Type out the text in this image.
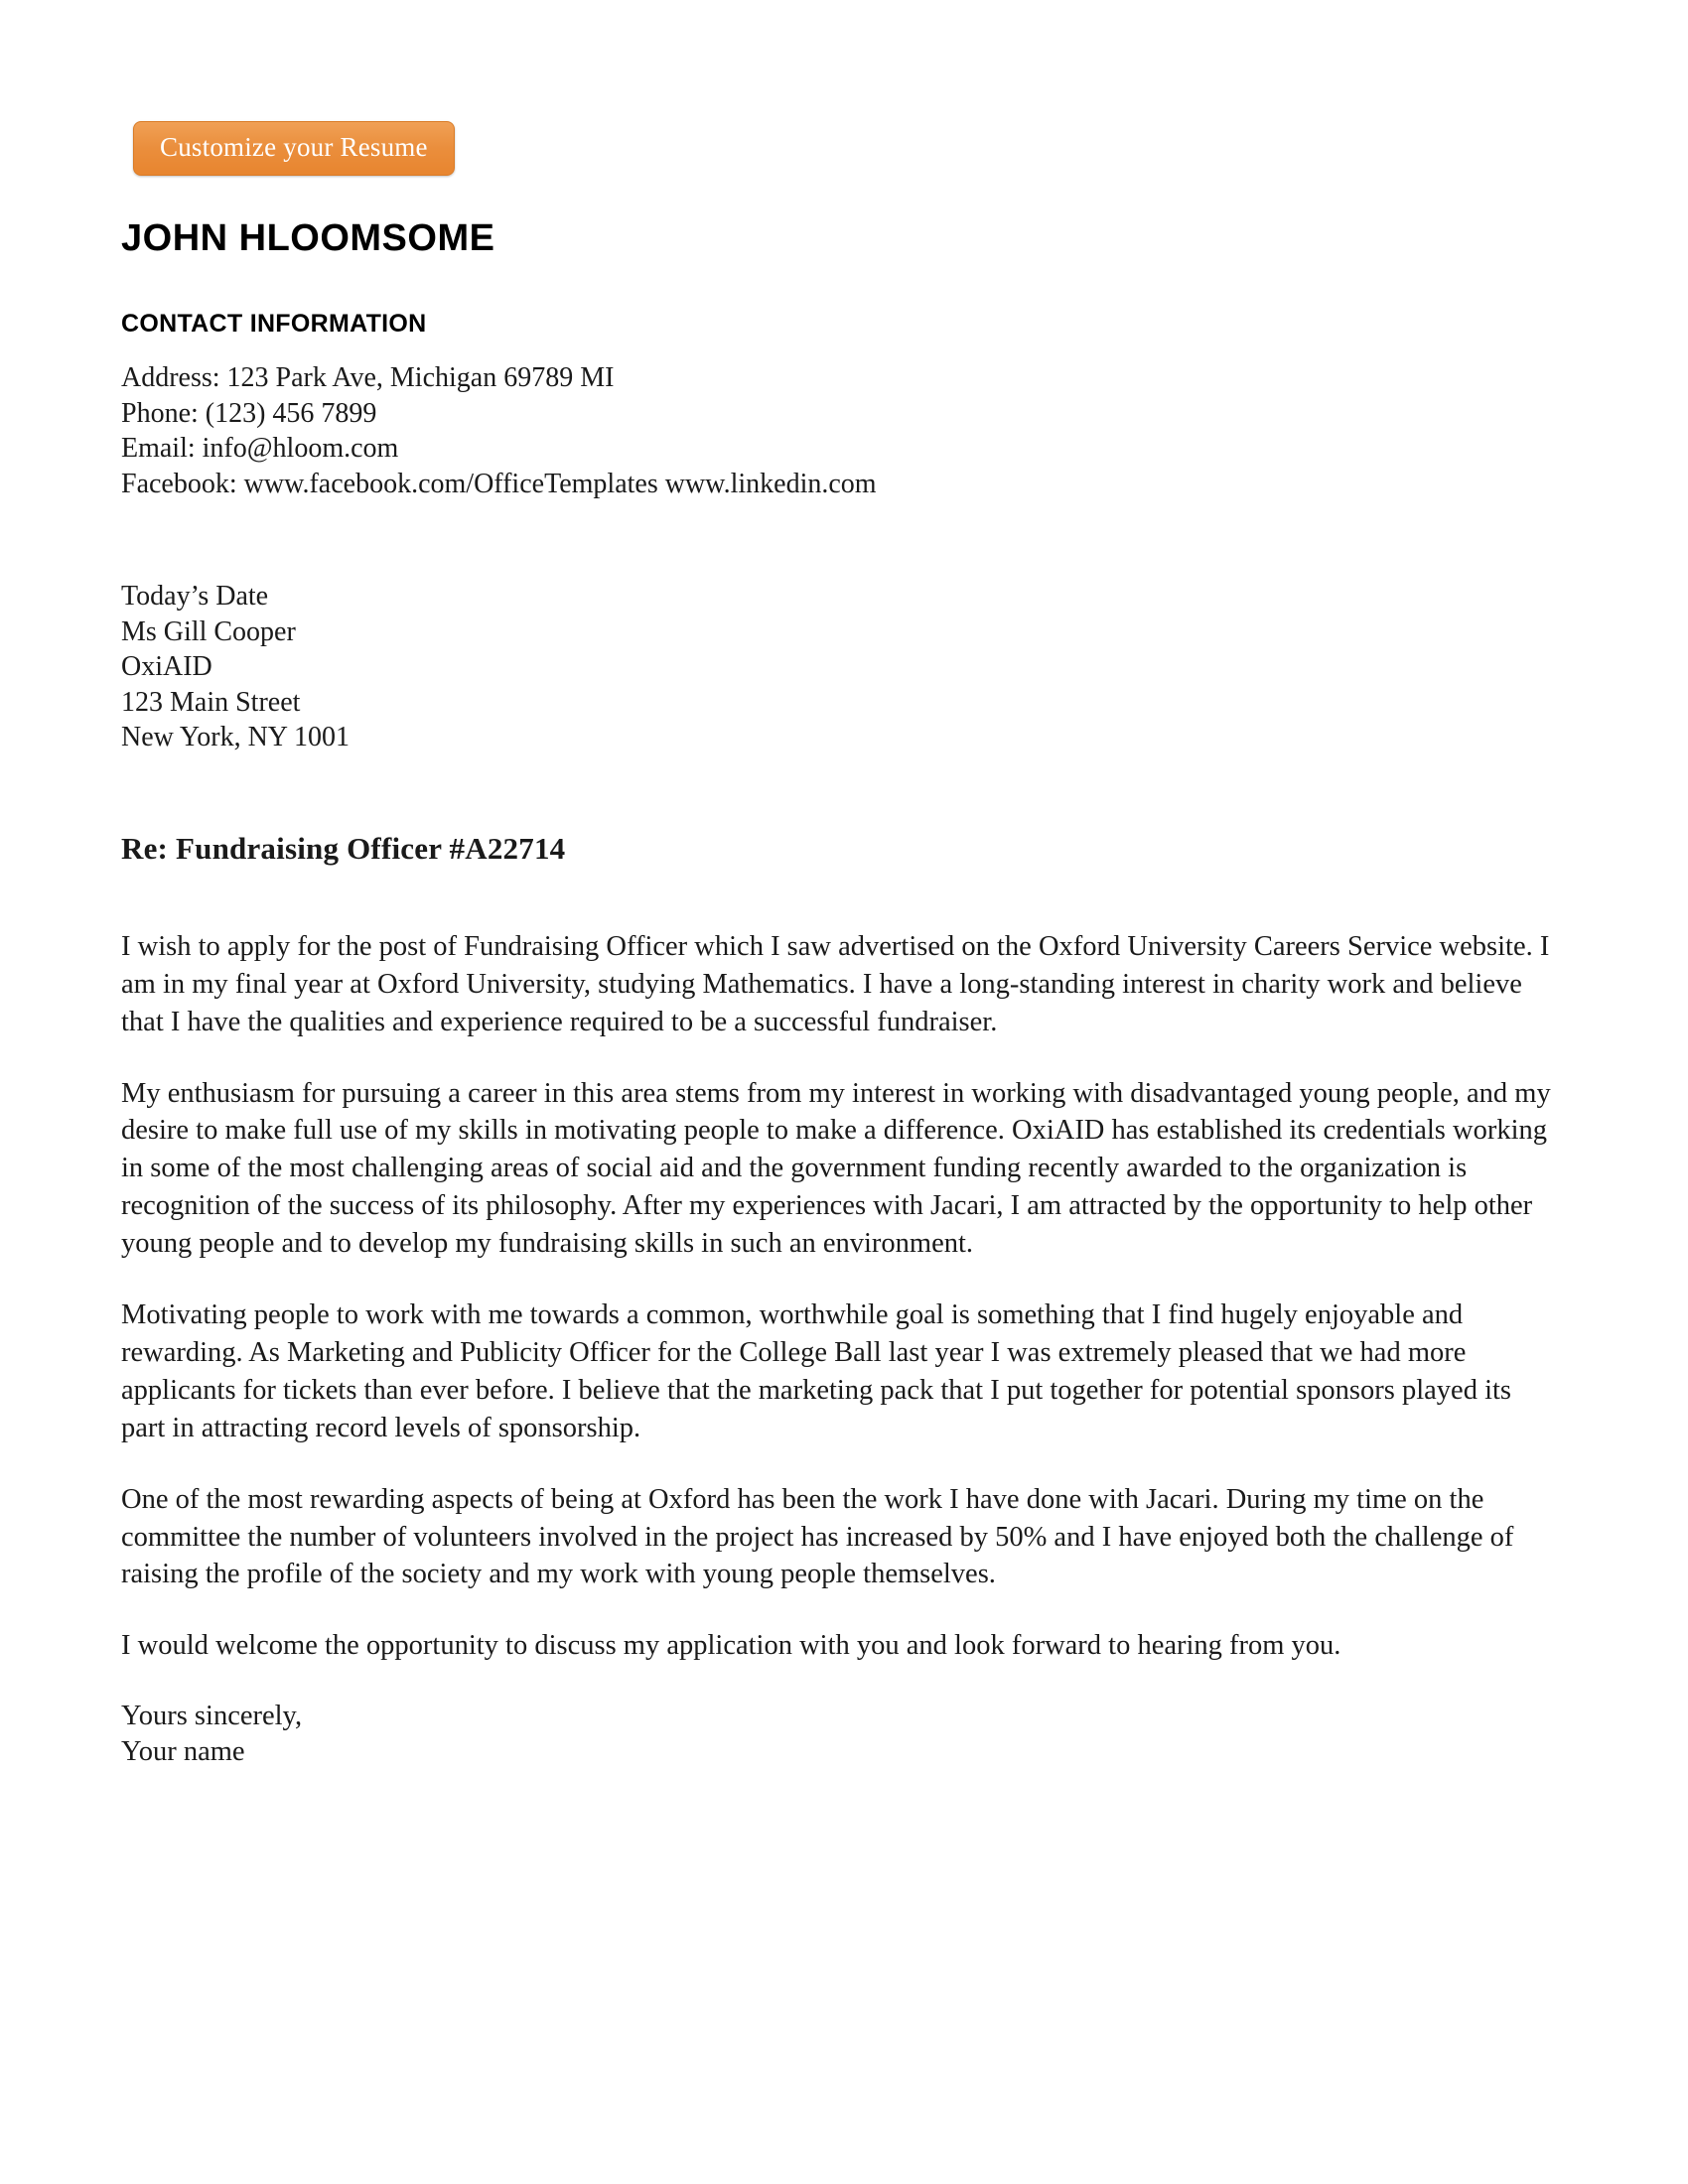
Customize your Resume
JOHN HLOOMSOME
CONTACT INFORMATION
Address: 123 Park Ave, Michigan 69789 MI
Phone: (123) 456 7899
Email: info@hloom.com
Facebook: www.facebook.com/OfficeTemplates www.linkedin.com
Today’s Date
Ms Gill Cooper
OxiAID
123 Main Street
New York, NY 1001
Re: Fundraising Officer #A22714

I wish to apply for the post of Fundraising Officer which I saw advertised on the Oxford University Careers Service website. I am in my final year at Oxford University, studying Mathematics. I have a long-standing interest in charity work and believe that I have the qualities and experience required to be a successful fundraiser.

My enthusiasm for pursuing a career in this area stems from my interest in working with disadvantaged young people, and my desire to make full use of my skills in motivating people to make a difference. OxiAID has established its credentials working in some of the most challenging areas of social aid and the government funding recently awarded to the organization is recognition of the success of its philosophy. After my experiences with Jacari, I am attracted by the opportunity to help other young people and to develop my fundraising skills in such an environment.

Motivating people to work with me towards a common, worthwhile goal is something that I find hugely enjoyable and rewarding. As Marketing and Publicity Officer for the College Ball last year I was extremely pleased that we had more applicants for tickets than ever before. I believe that the marketing pack that I put together for potential sponsors played its part in attracting record levels of sponsorship.

One of the most rewarding aspects of being at Oxford has been the work I have done with Jacari. During my time on the committee the number of volunteers involved in the project has increased by 50% and I have enjoyed both the challenge of raising the profile of the society and my work with young people themselves.

I would welcome the opportunity to discuss my application with you and look forward to hearing from you.

Yours sincerely,
Your name
